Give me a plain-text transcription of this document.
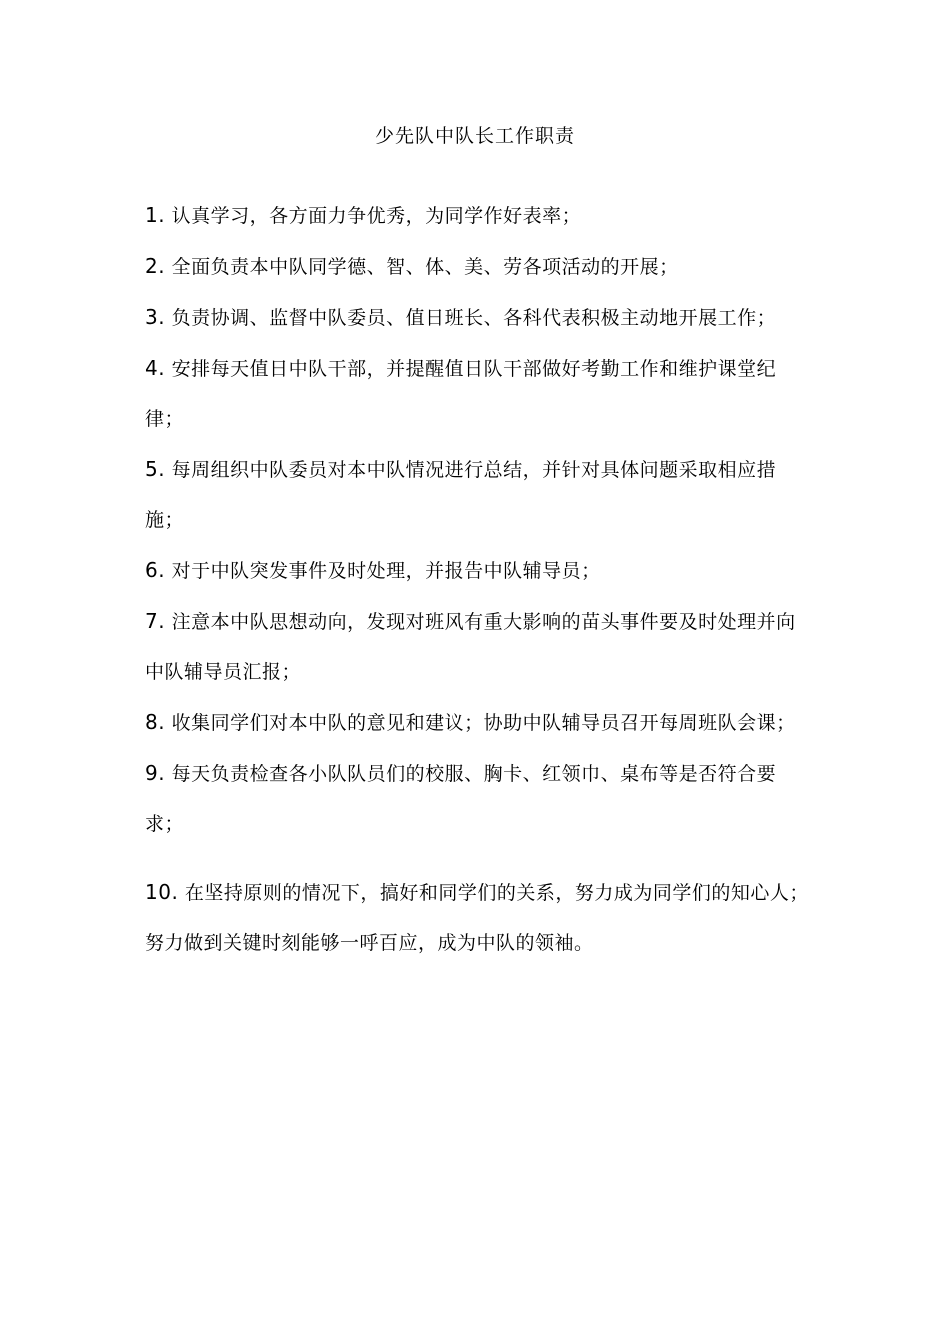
少先队中队长工作职责
1. 认真学习，各方面力争优秀，为同学作好表率；
2. 全面负责本中队同学德、智、体、美、劳各项活动的开展；
3. 负责协调、监督中队委员、值日班长、各科代表积极主动地开展工作；
4. 安排每天值日中队干部，并提醒值日队干部做好考勤工作和维护课堂纪律；
5. 每周组织中队委员对本中队情况进行总结，并针对具体问题采取相应措施；
6. 对于中队突发事件及时处理，并报告中队辅导员；
7. 注意本中队思想动向，发现对班风有重大影响的苗头事件要及时处理并向中队辅导员汇报；
8. 收集同学们对本中队的意见和建议；协助中队辅导员召开每周班队会课；
9. 每天负责检查各小队队员们的校服、胸卡、红领巾、桌布等是否符合要求；
10. 在坚持原则的情况下，搞好和同学们的关系，努力成为同学们的知心人；努力做到关键时刻能够一呼百应，成为中队的领袖。
